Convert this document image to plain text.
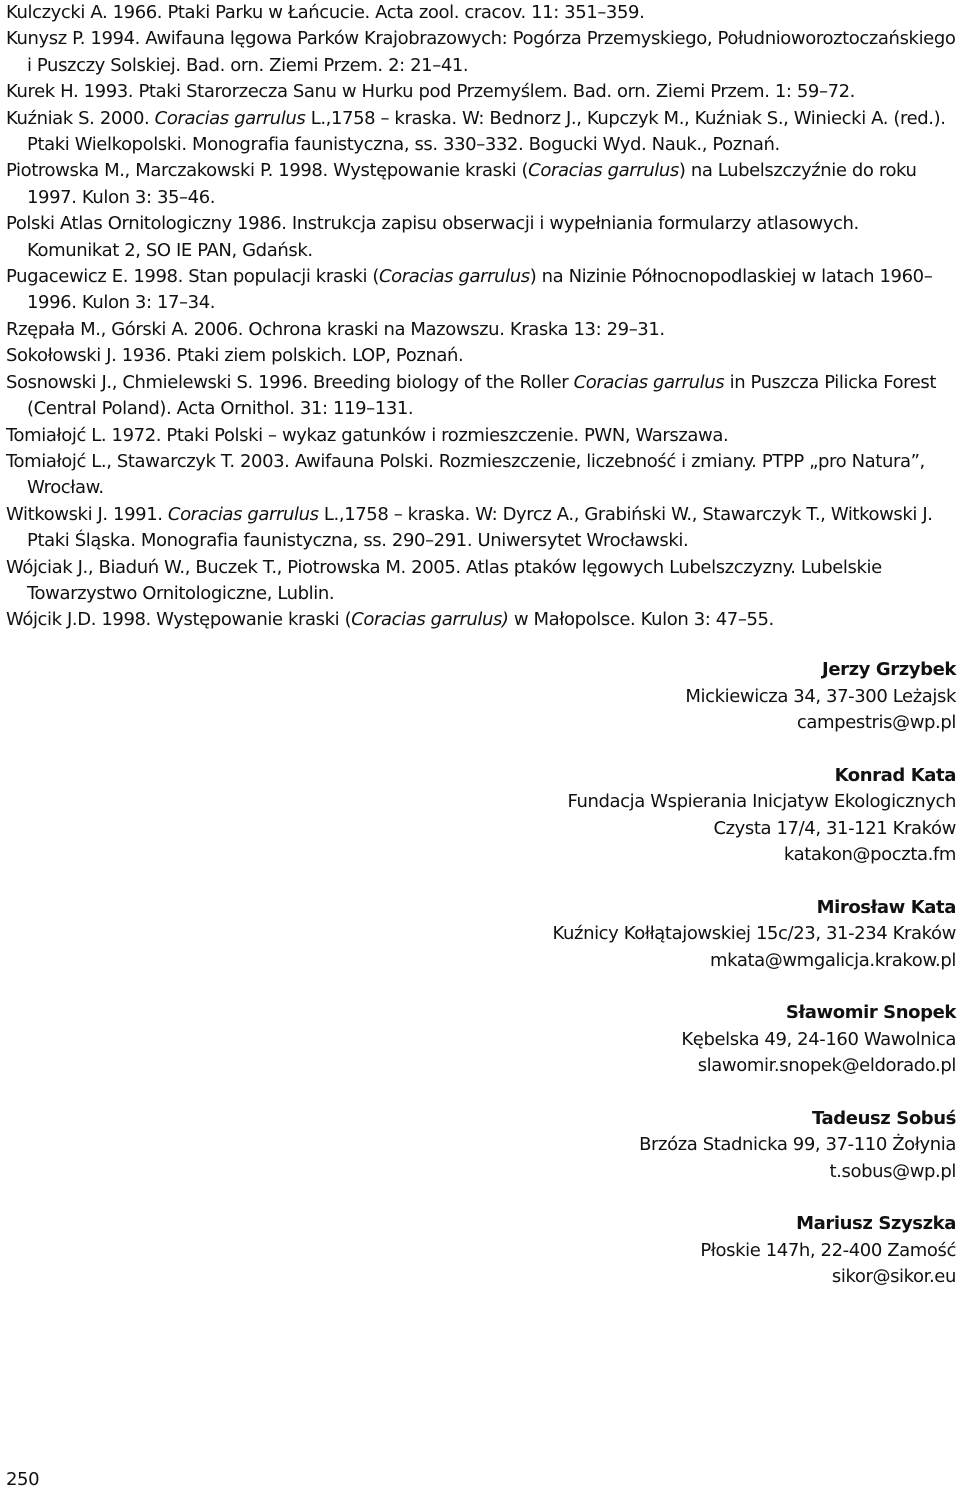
Kulczycki A. 1966. Ptaki Parku w Łańcucie. Acta zool. cracov. 11: 351–359.
Kunysz P. 1994. Awifauna lęgowa Parków Krajobrazowych: Pogórza Przemyskiego, Południoworoztoczańskiego i Puszczy Solskiej. Bad. orn. Ziemi Przem. 2: 21–41.
Kurek H. 1993. Ptaki Starorzecza Sanu w Hurku pod Przemyślem. Bad. orn. Ziemi Przem. 1: 59–72.
Kuźniak S. 2000. Coracias garrulus L.,1758 – kraska. W: Bednorz J., Kupczyk M., Kuźniak S., Winiecki A. (red.). Ptaki Wielkopolski. Monografia faunistyczna, ss. 330–332. Bogucki Wyd. Nauk., Poznań.
Piotrowska M., Marczakowski P. 1998. Występowanie kraski (Coracias garrulus) na Lubelszczyźnie do roku 1997. Kulon 3: 35–46.
Polski Atlas Ornitologiczny 1986. Instrukcja zapisu obserwacji i wypełniania formularzy atlasowych. Komunikat 2, SO IE PAN, Gdańsk.
Pugacewicz E. 1998. Stan populacji kraski (Coracias garrulus) na Nizinie Północnopodlaskiej w latach 1960–1996. Kulon 3: 17–34.
Rzępała M., Górski A. 2006. Ochrona kraski na Mazowszu. Kraska 13: 29–31.
Sokołowski J. 1936. Ptaki ziem polskich. LOP, Poznań.
Sosnowski J., Chmielewski S. 1996. Breeding biology of the Roller Coracias garrulus in Puszcza Pilicka Forest (Central Poland). Acta Ornithol. 31: 119–131.
Tomiałojć L. 1972. Ptaki Polski – wykaz gatunków i rozmieszczenie. PWN, Warszawa.
Tomiałojć L., Stawarczyk T. 2003. Awifauna Polski. Rozmieszczenie, liczebność i zmiany. PTPP „pro Natura”, Wrocław.
Witkowski J. 1991. Coracias garrulus L.,1758 – kraska. W: Dyrcz A., Grabiński W., Stawarczyk T., Witkowski J. Ptaki Śląska. Monografia faunistyczna, ss. 290–291. Uniwersytet Wrocławski.
Wójciak J., Biaduń W., Buczek T., Piotrowska M. 2005. Atlas ptaków lęgowych Lubelszczyzny. Lubelskie Towarzystwo Ornitologiczne, Lublin.
Wójcik J.D. 1998. Występowanie kraski (Coracias garrulus) w Małopolsce. Kulon 3: 47–55.
Jerzy Grzybek
Mickiewicza 34, 37-300 Leżajsk
campestris@wp.pl
Konrad Kata
Fundacja Wspierania Inicjatyw Ekologicznych
Czysta 17/4, 31-121 Kraków
katakon@poczta.fm
Mirosław Kata
Kuźnicy Kołłątajowskiej 15c/23, 31-234 Kraków
mkata@wmgalicja.krakow.pl
Sławomir Snopek
Kębelska 49, 24-160 Wawolnica
slawomir.snopek@eldorado.pl
Tadeusz Sobuś
Brzóza Stadnicka 99, 37-110 Żołynia
t.sobus@wp.pl
Mariusz Szyszka
Płoskie 147h, 22-400 Zamość
sikor@sikor.eu
250
